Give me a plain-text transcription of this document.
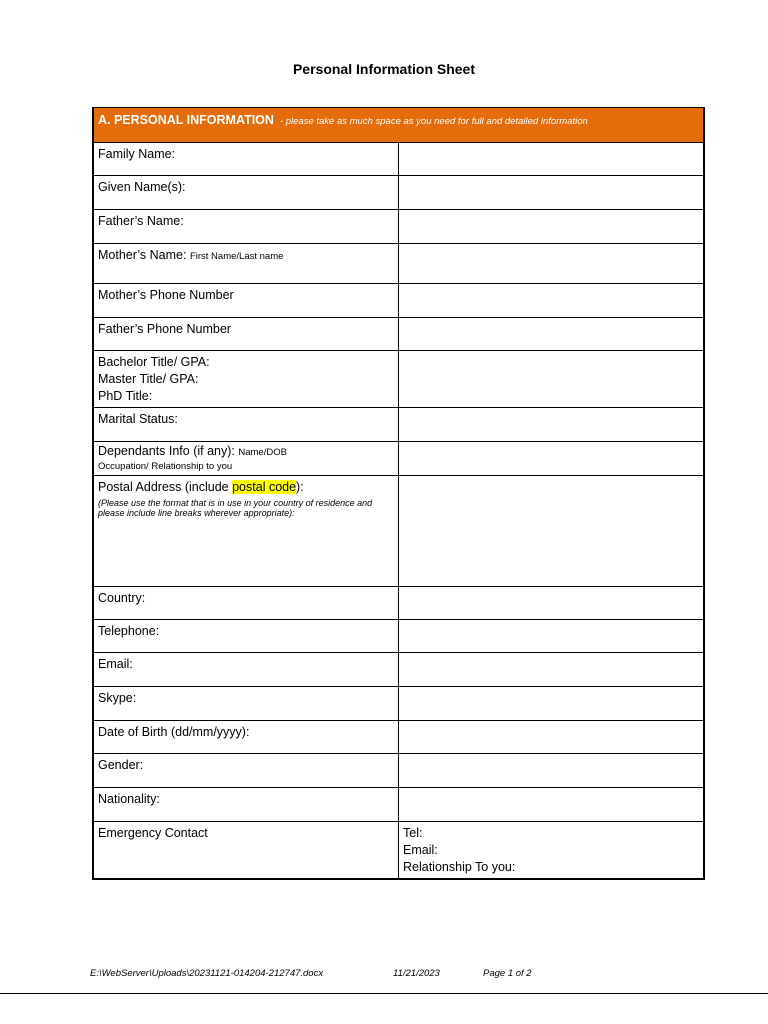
Personal Information Sheet
A. PERSONAL INFORMATION - please take as much space as you need for full and detailed information	
Family Name:	
Given Name(s):	
Father’s Name:	
Mother’s Name: First Name/Last name	
Mother’s Phone Number	
Father’s Phone Number	

Bachelor Title/ GPA:
Master Title/ GPA:
PhD Title:	

Marital Status:	
Dependants Info (if any): Name/DOB
Occupation/ Relationship to you	
Postal Address (include postal code):
(Please use the format that is in use in your country of residence and please include line breaks wherever appropriate):	

Country:	
Telephone:	
Email:	
Skype:	
Date of Birth (dd/mm/yyyy):	
Gender:	
Nationality:	
Emergency Contact	Tel:
Email:
Relationship To you:
E:\WebServer\Uploads\20231121-014204-212747.docx	11/21/2023	Page 1 of 2
